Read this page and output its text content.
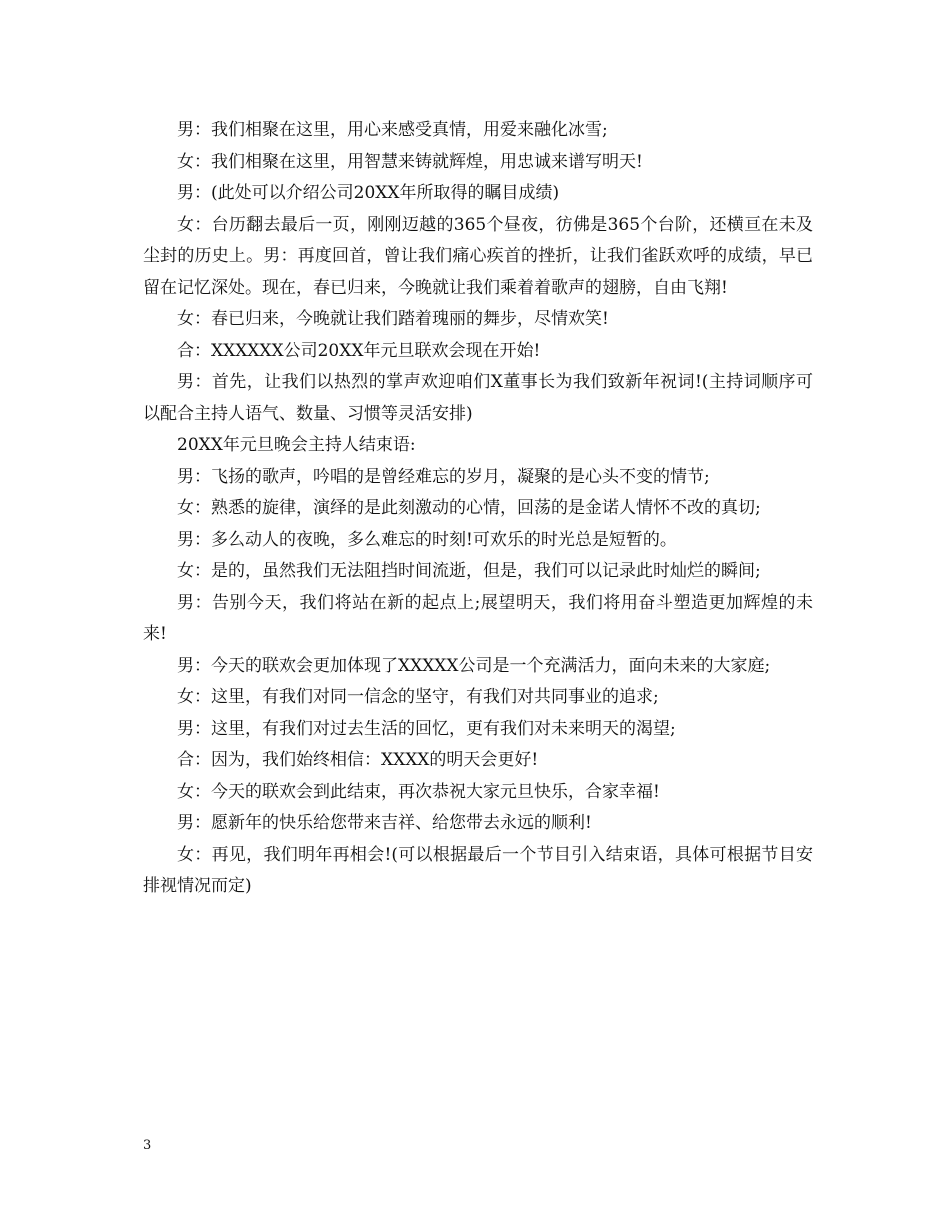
男：我们相聚在这里，用心来感受真情，用爱来融化冰雪;

女：我们相聚在这里，用智慧来铸就辉煌，用忠诚来谱写明天!

男：(此处可以介绍公司20XX年所取得的瞩目成绩)

女：台历翻去最后一页，刚刚迈越的365个昼夜，彷佛是365个台阶，还横亘在未及尘封的历史上。男：再度回首，曾让我们痛心疾首的挫折，让我们雀跃欢呼的成绩，早已留在记忆深处。现在，春已归来，今晚就让我们乘着着歌声的翅膀，自由飞翔!

女：春已归来，今晚就让我们踏着瑰丽的舞步，尽情欢笑!

合：XXXXXX公司20XX年元旦联欢会现在开始!

男：首先，让我们以热烈的掌声欢迎咱们X董事长为我们致新年祝词!(主持词顺序可以配合主持人语气、数量、习惯等灵活安排)

20XX年元旦晚会主持人结束语:

男：飞扬的歌声，吟唱的是曾经难忘的岁月，凝聚的是心头不变的情节;

女：熟悉的旋律，演绎的是此刻激动的心情，回荡的是金诺人情怀不改的真切;

男：多么动人的夜晚，多么难忘的时刻!可欢乐的时光总是短暂的。

女：是的，虽然我们无法阻挡时间流逝，但是，我们可以记录此时灿烂的瞬间;

男：告别今天，我们将站在新的起点上;展望明天，我们将用奋斗塑造更加辉煌的未来!

男：今天的联欢会更加体现了XXXXX公司是一个充满活力，面向未来的大家庭;

女：这里，有我们对同一信念的坚守，有我们对共同事业的追求;

男：这里，有我们对过去生活的回忆，更有我们对未来明天的渴望;

合：因为，我们始终相信：XXXX的明天会更好!

女：今天的联欢会到此结束，再次恭祝大家元旦快乐，合家幸福!

男：愿新年的快乐给您带来吉祥、给您带去永远的顺利!

女：再见，我们明年再相会!(可以根据最后一个节目引入结束语，具体可根据节目安排视情况而定)

3
